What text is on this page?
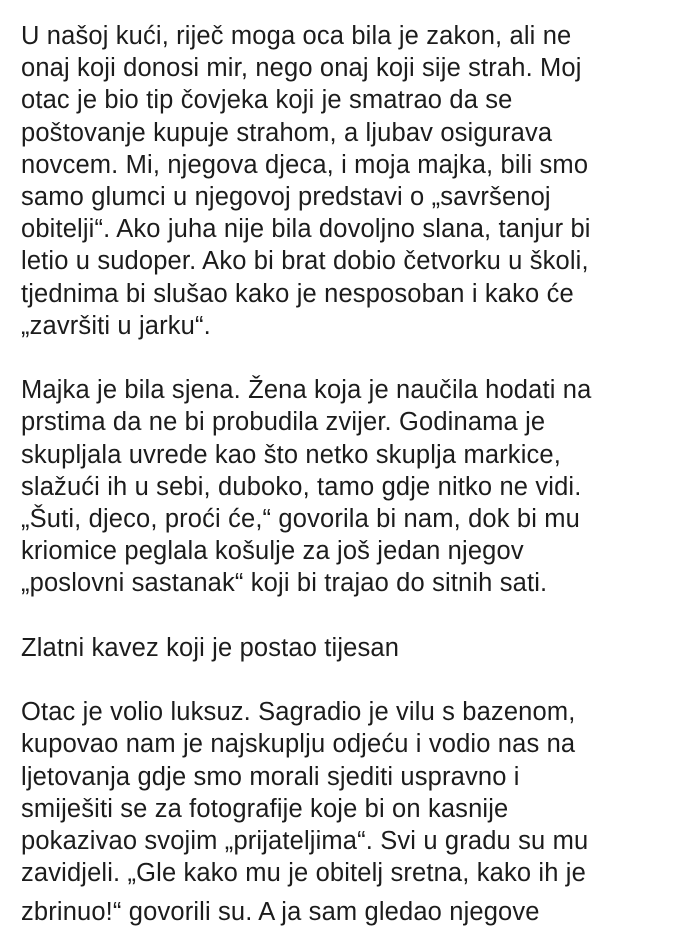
U našoj kući, riječ moga oca bila je zakon, ali ne
onaj koji donosi mir, nego onaj koji sije strah. Moj
otac je bio tip čovjeka koji je smatrao da se
poštovanje kupuje strahom, a ljubav osigurava
novcem. Mi, njegova djeca, i moja majka, bili smo
samo glumci u njegovoj predstavi o „savršenoj
obitelji“. Ako juha nije bila dovoljno slana, tanjur bi
letio u sudoper. Ako bi brat dobio četvorku u školi,
tjednima bi slušao kako je nesposoban i kako će
„završiti u jarku“.

Majka je bila sjena. Žena koja je naučila hodati na
prstima da ne bi probudila zvijer. Godinama je
skupljala uvrede kao što netko skuplja markice,
slažući ih u sebi, duboko, tamo gdje nitko ne vidi.
„Šuti, djeco, proći će,“ govorila bi nam, dok bi mu
kriomice peglala košulje za još jedan njegov
„poslovni sastanak“ koji bi trajao do sitnih sati.

Zlatni kavez koji je postao tijesan

Otac je volio luksuz. Sagradio je vilu s bazenom,
kupovao nam je najskuplju odjeću i vodio nas na
ljetovanja gdje smo morali sjediti uspravno i
smiješiti se za fotografije koje bi on kasnije
pokazivao svojim „prijateljima“. Svi u gradu su mu
zavidjeli. „Gle kako mu je obitelj sretna, kako ih je

zbrinuo!“ govorili su. A ja sam gledao njegove
